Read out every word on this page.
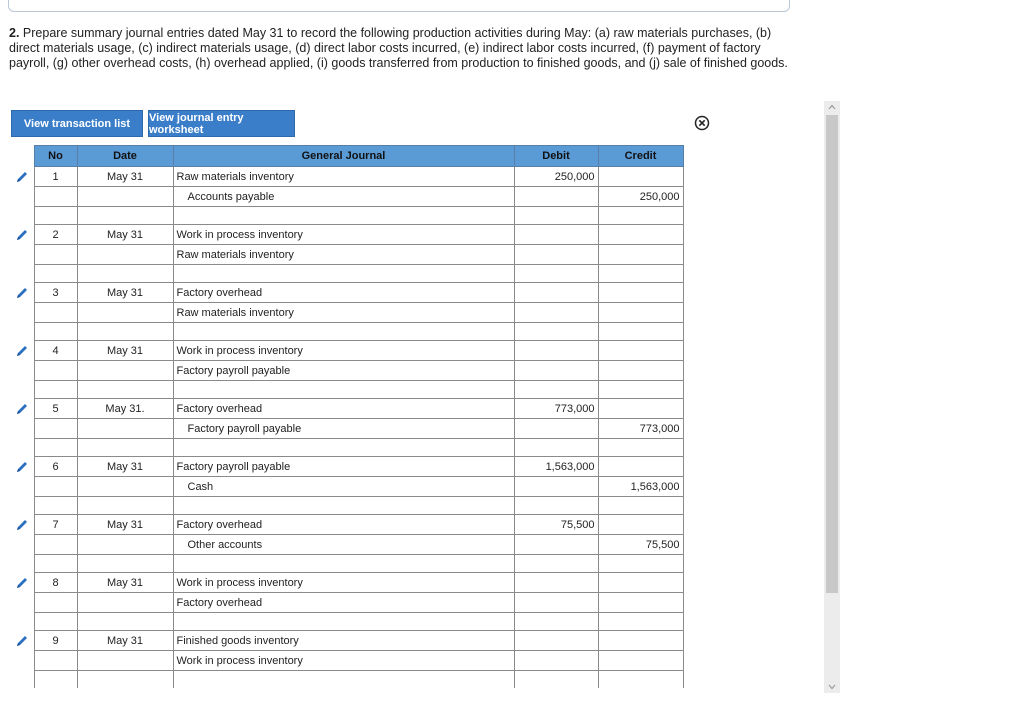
2. Prepare summary journal entries dated May 31 to record the following production activities during May: (a) raw materials purchases, (b) direct materials usage, (c) indirect materials usage, (d) direct labor costs incurred, (e) indirect labor costs incurred, (f) payment of factory payroll, (g) other overhead costs, (h) overhead applied, (i) goods transferred from production to finished goods, and (j) sale of finished goods.
View transaction list	View journal entry worksheet
	No	Date	General Journal	Debit	Credit
	1	May 31	Raw materials inventory	250,000	
			Accounts payable		250,000

	2	May 31	Work in process inventory		
			Raw materials inventory		

	3	May 31	Factory overhead		
			Raw materials inventory		

	4	May 31	Work in process inventory		
			Factory payroll payable		

	5	May 31.	Factory overhead	773,000	
			Factory payroll payable		773,000

	6	May 31	Factory payroll payable	1,563,000	
			Cash		1,563,000

	7	May 31	Factory overhead	75,500	
			Other accounts		75,500

	8	May 31	Work in process inventory		
			Factory overhead		

	9	May 31	Finished goods inventory		
			Work in process inventory		
